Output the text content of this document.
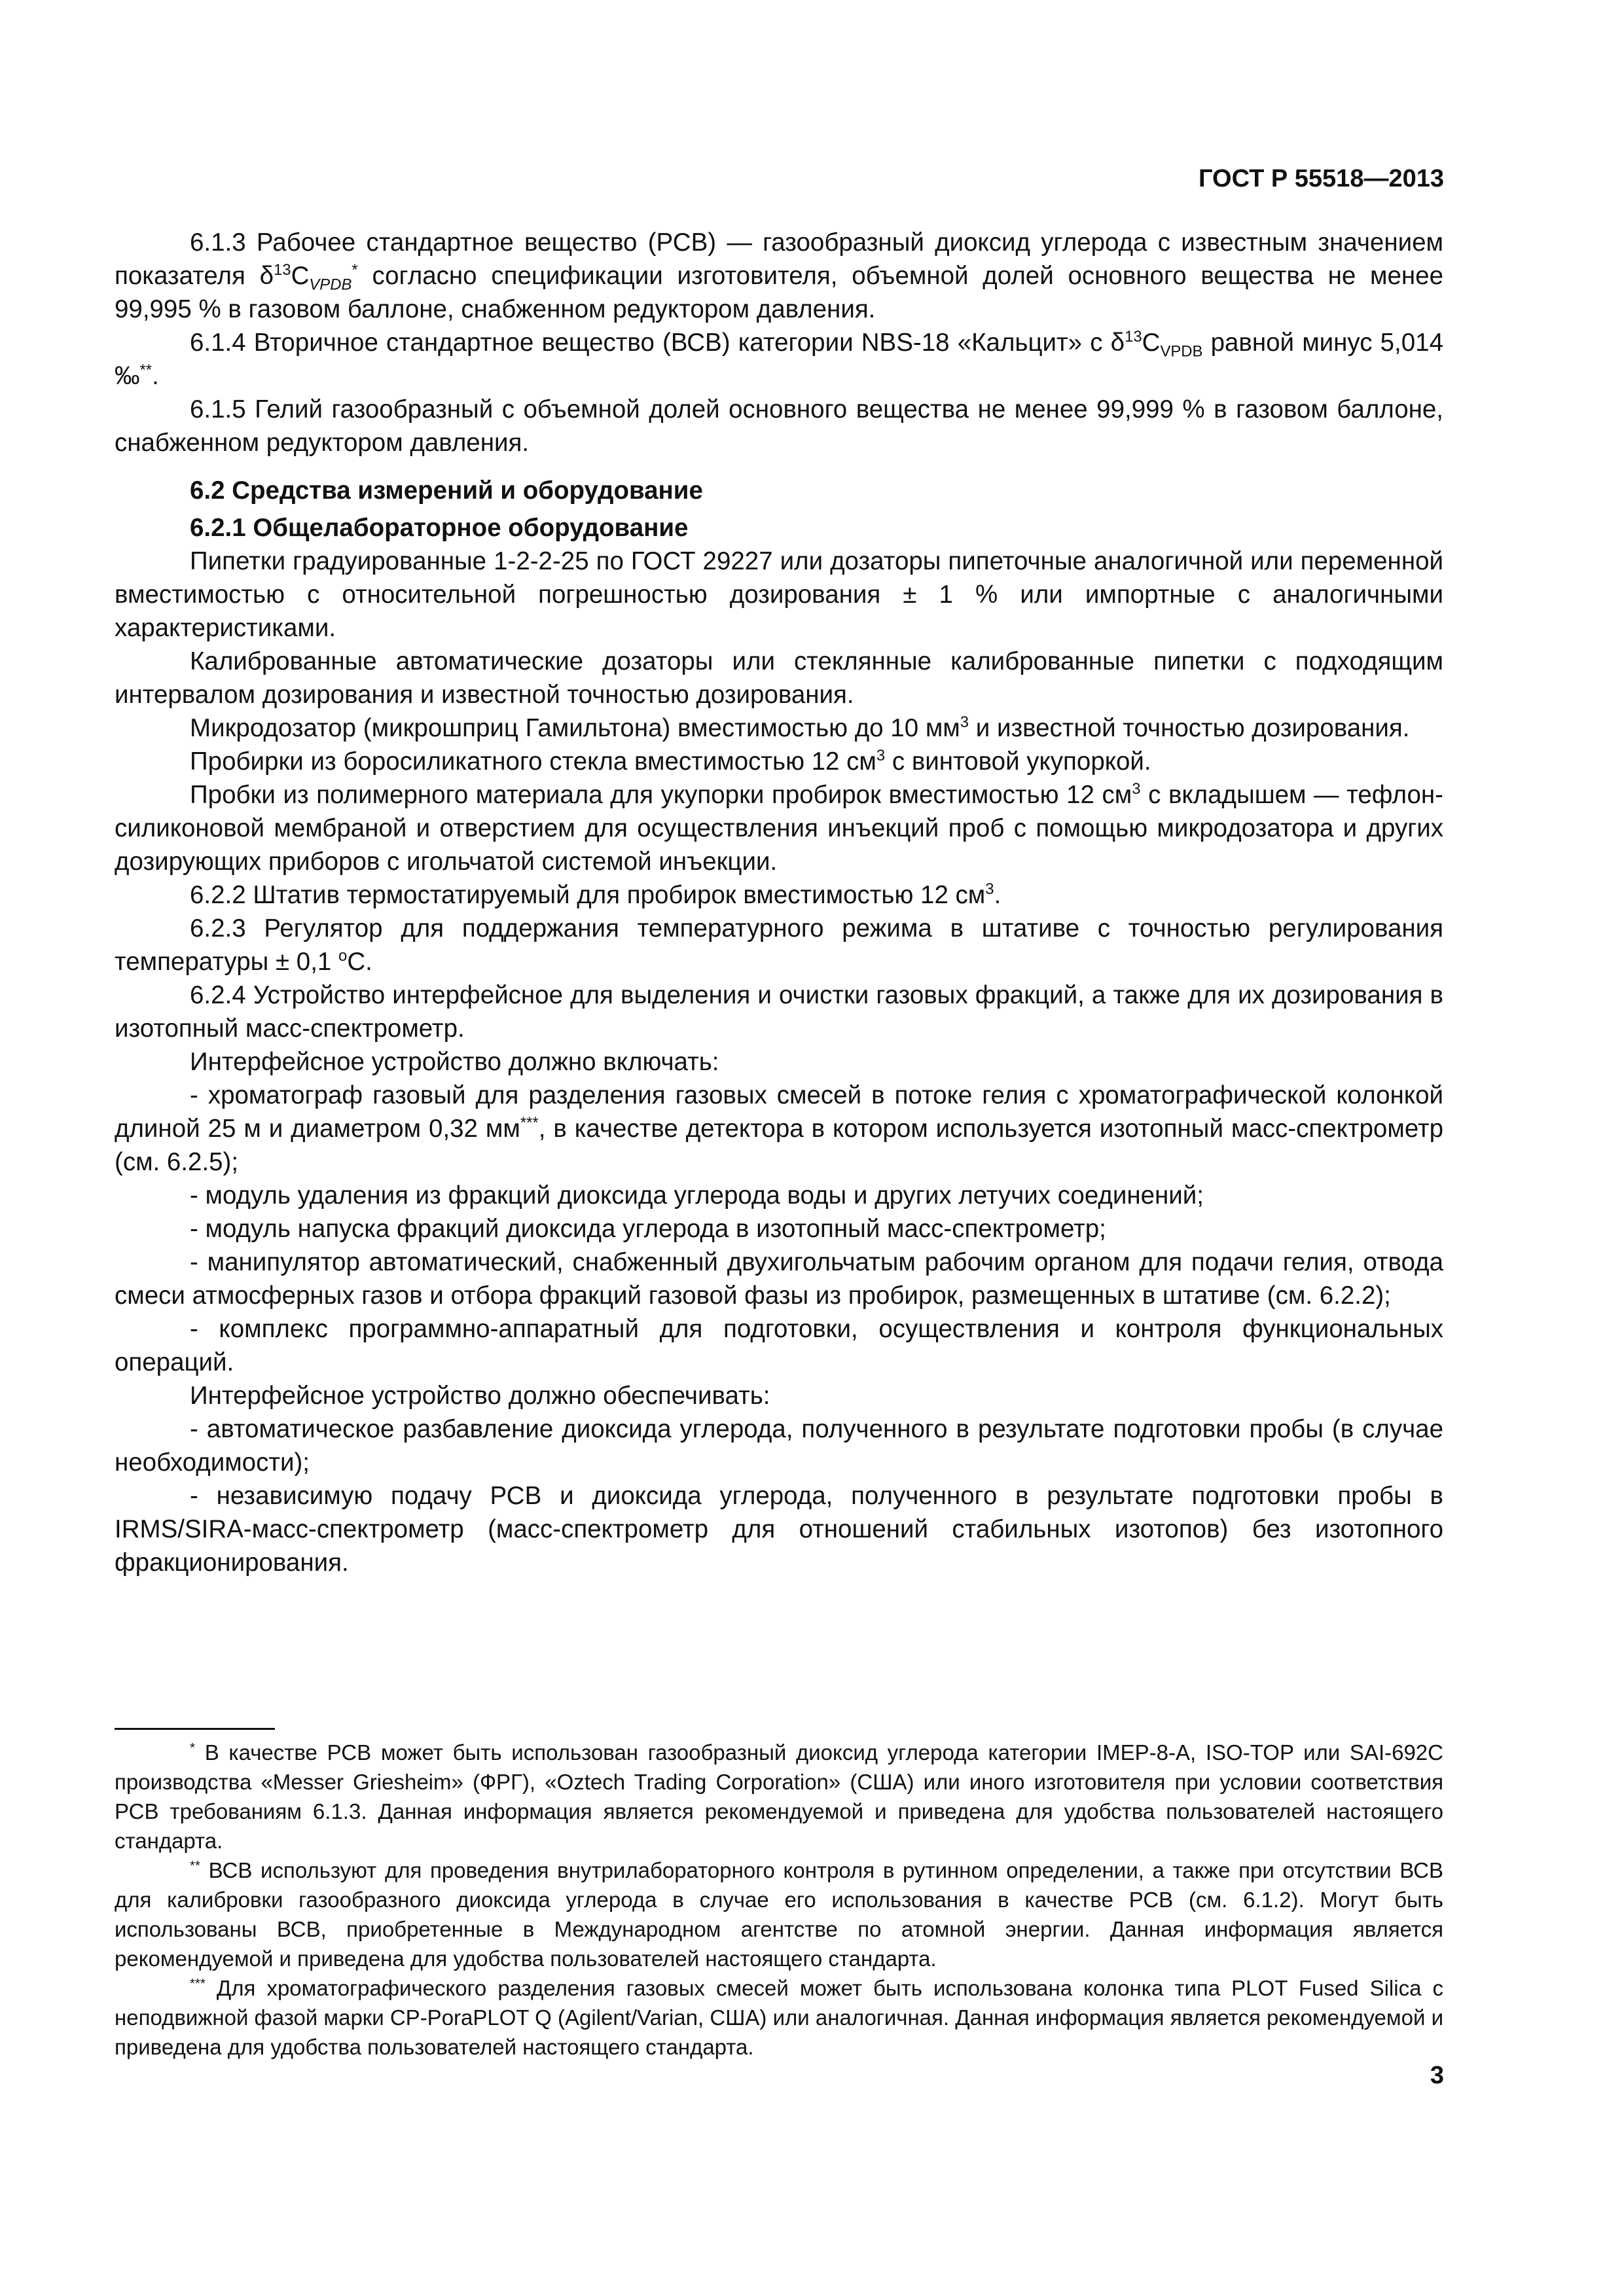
ГОСТ Р 55518—2013

6.1.3 Рабочее стандартное вещество (РСВ) — газообразный диоксид углерода с известным значением показателя $\delta^{13}C_{VPDB}^*$ согласно спецификации изготовителя, объемной долей основного вещества не менее 99,995 % в газовом баллоне, снабженном редуктором давления.

6.1.4 Вторичное стандартное вещество (ВСВ) категории NBS-18 «Кальцит» с $\delta^{13}C_{VPDB}$ равной минус 5,014 ‰**.

6.1.5 Гелий газообразный с объемной долей основного вещества не менее 99,999 % в газовом баллоне, снабженном редуктором давления.

6.2 Средства измерений и оборудование

6.2.1 Общелабораторное оборудование

Пипетки градуированные 1-2-2-25 по ГОСТ 29227 или дозаторы пипеточные аналогичной или переменной вместимостью с относительной погрешностью дозирования ± 1 % или импортные с аналогичными характеристиками.

Калиброванные автоматические дозаторы или стеклянные калиброванные пипетки с подходящим интервалом дозирования и известной точностью дозирования.

Микродозатор (микрошприц Гамильтона) вместимостью до 10 $мм^3$ и известной точностью дозирования.

Пробирки из боросиликатного стекла вместимостью 12 $см^3$ с винтовой укупоркой.

Пробки из полимерного материала для укупорки пробирок вместимостью 12 $см^3$ с вкладышем — тефлон-силиконовой мембраной и отверстием для осуществления инъекций проб с помощью микродозатора и других дозирующих приборов с игольчатой системой инъекции.

6.2.2 Штатив термостатируемый для пробирок вместимостью 12 $см^3$.

6.2.3 Регулятор для поддержания температурного режима в штативе с точностью регулирования температуры ± 0,1 $^o$C.

6.2.4 Устройство интерфейсное для выделения и очистки газовых фракций, а также для их дозирования в изотопный масс-спектрометр.

Интерфейсное устройство должно включать:

- хроматограф газовый для разделения газовых смесей в потоке гелия с хроматографической колонкой длиной 25 м и диаметром 0,32 мм***, в качестве детектора в котором используется изотопный масс-спектрометр (см. 6.2.5);

- модуль удаления из фракций диоксида углерода воды и других летучих соединений;

- модуль напуска фракций диоксида углерода в изотопный масс-спектрометр;

- манипулятор автоматический, снабженный двухигольчатым рабочим органом для подачи гелия, отвода смеси атмосферных газов и отбора фракций газовой фазы из пробирок, размещенных в штативе (см. 6.2.2);

- комплекс программно-аппаратный для подготовки, осуществления и контроля функциональных операций.

Интерфейсное устройство должно обеспечивать:

- автоматическое разбавление диоксида углерода, полученного в результате подготовки пробы (в случае необходимости);

- независимую подачу РСВ и диоксида углерода, полученного в результате подготовки пробы в IRMS/SIRA-масс-спектрометр (масс-спектрометр для отношений стабильных изотопов) без изотопного фракционирования.

* В качестве РСВ может быть использован газообразный диоксид углерода категории IMEP-8-A, ISO-TOP или SAI-692C производства «Messer Griesheim» (ФРГ), «Oztech Trading Corporation» (США) или иного изготовителя при условии соответствия РСВ требованиям 6.1.3. Данная информация является рекомендуемой и приведена для удобства пользователей настоящего стандарта.

** ВСВ используют для проведения внутрилабораторного контроля в рутинном определении, а также при отсутствии ВСВ для калибровки газообразного диоксида углерода в случае его использования в качестве РСВ (см. 6.1.2). Могут быть использованы ВСВ, приобретенные в Международном агентстве по атомной энергии. Данная информация является рекомендуемой и приведена для удобства пользователей настоящего стандарта.

*** Для хроматографического разделения газовых смесей может быть использована колонка типа PLOT Fused Silica с неподвижной фазой марки CP-PoraPLOT Q (Agilent/Varian, США) или аналогичная. Данная информация является рекомендуемой и приведена для удобства пользователей настоящего стандарта.

3
